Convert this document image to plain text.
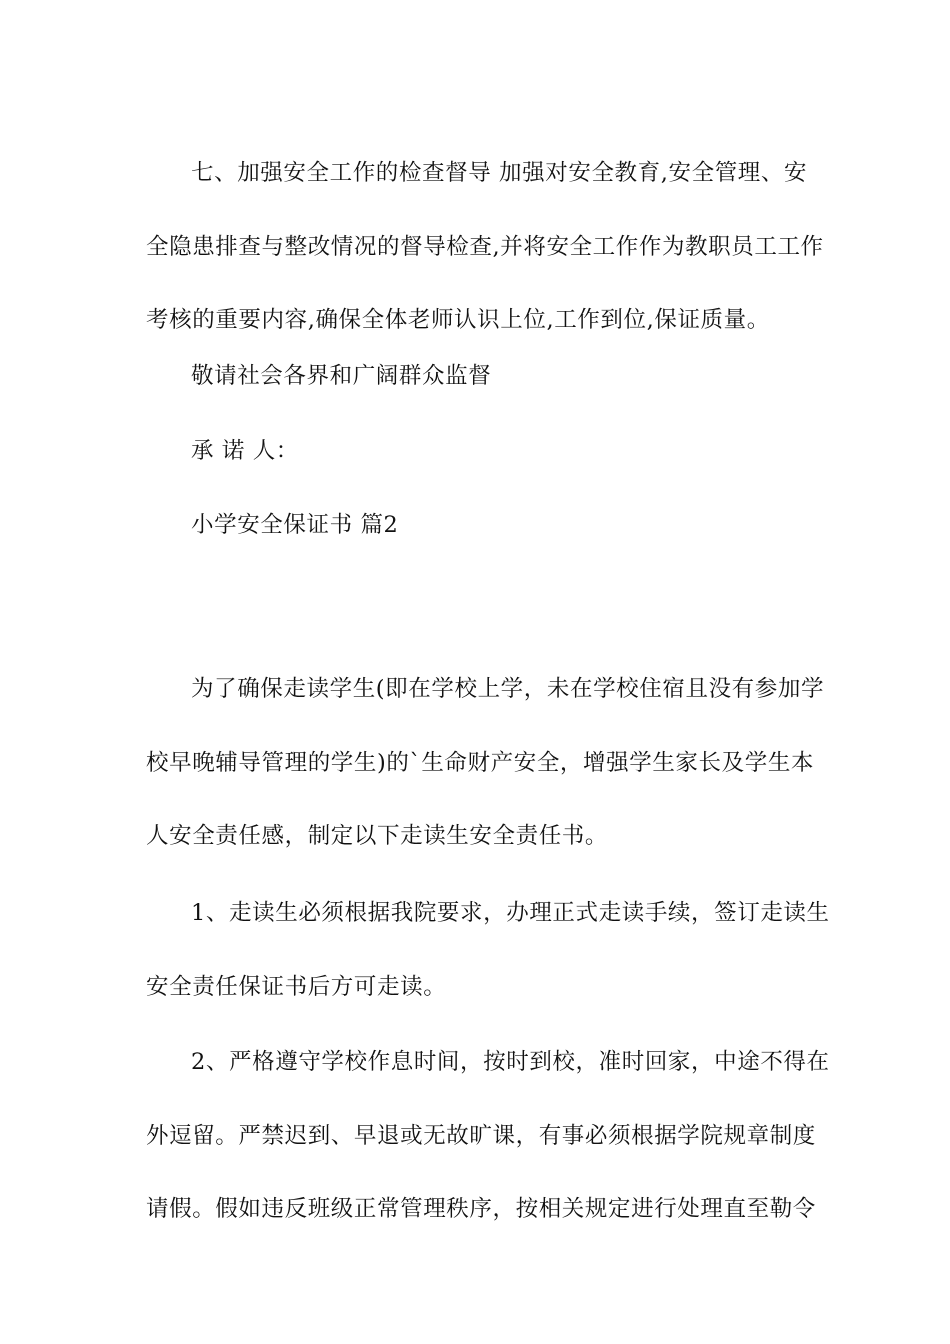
七、加强安全工作的检查督导 加强对安全教育,安全管理、安
全隐患排查与整改情况的督导检查,并将安全工作作为教职员工工作
考核的重要内容,确保全体老师认识上位,工作到位,保证质量。

敬请社会各界和广阔群众监督

承 诺 人：

小学安全保证书 篇2

为了确保走读学生(即在学校上学，未在学校住宿且没有参加学
校早晚辅导管理的学生)的`生命财产安全，增强学生家长及学生本
人安全责任感，制定以下走读生安全责任书。
1、走读生必须根据我院要求，办理正式走读手续，签订走读生
安全责任保证书后方可走读。
2、严格遵守学校作息时间，按时到校，准时回家，中途不得在
外逗留。严禁迟到、早退或无故旷课，有事必须根据学院规章制度
请假。假如违反班级正常管理秩序，按相关规定进行处理直至勒令
